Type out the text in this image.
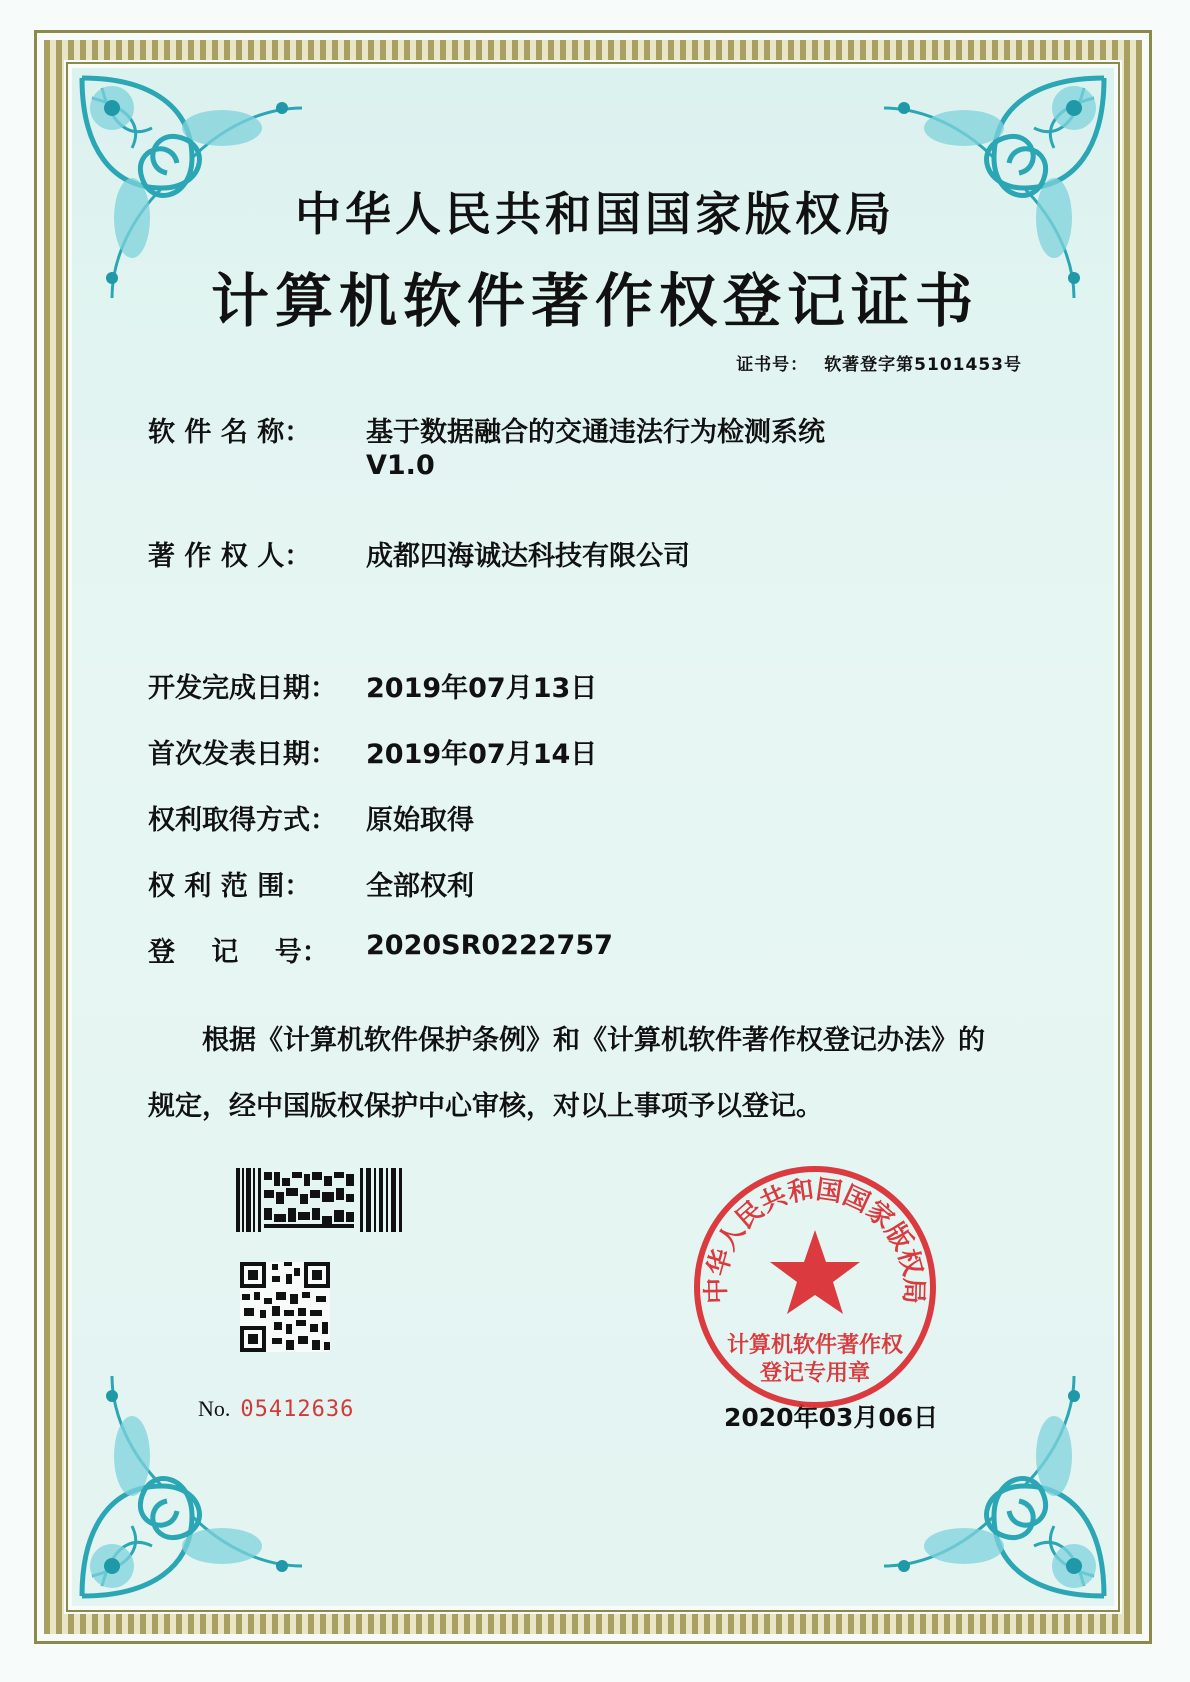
中华人民共和国国家版权局
计算机软件著作权登记证书
证书号： 软著登字第5101453号
软 件 名 称：	基于数据融合的交通违法行为检测系统
V1.0
著 作 权 人：	成都四海诚达科技有限公司
开发完成日期：	2019年07月13日
首次发表日期：	2019年07月14日
权利取得方式：	原始取得
权 利 范 围：	全部权利
登　 记　 号：	2020SR0222757
根据《计算机软件保护条例》和《计算机软件著作权登记办法》的
规定，经中国版权保护中心审核，对以上事项予以登记。
No. 05412636	2020年03月06日
中华人民共和国国家版权局
计算机软件著作权
登记专用章
